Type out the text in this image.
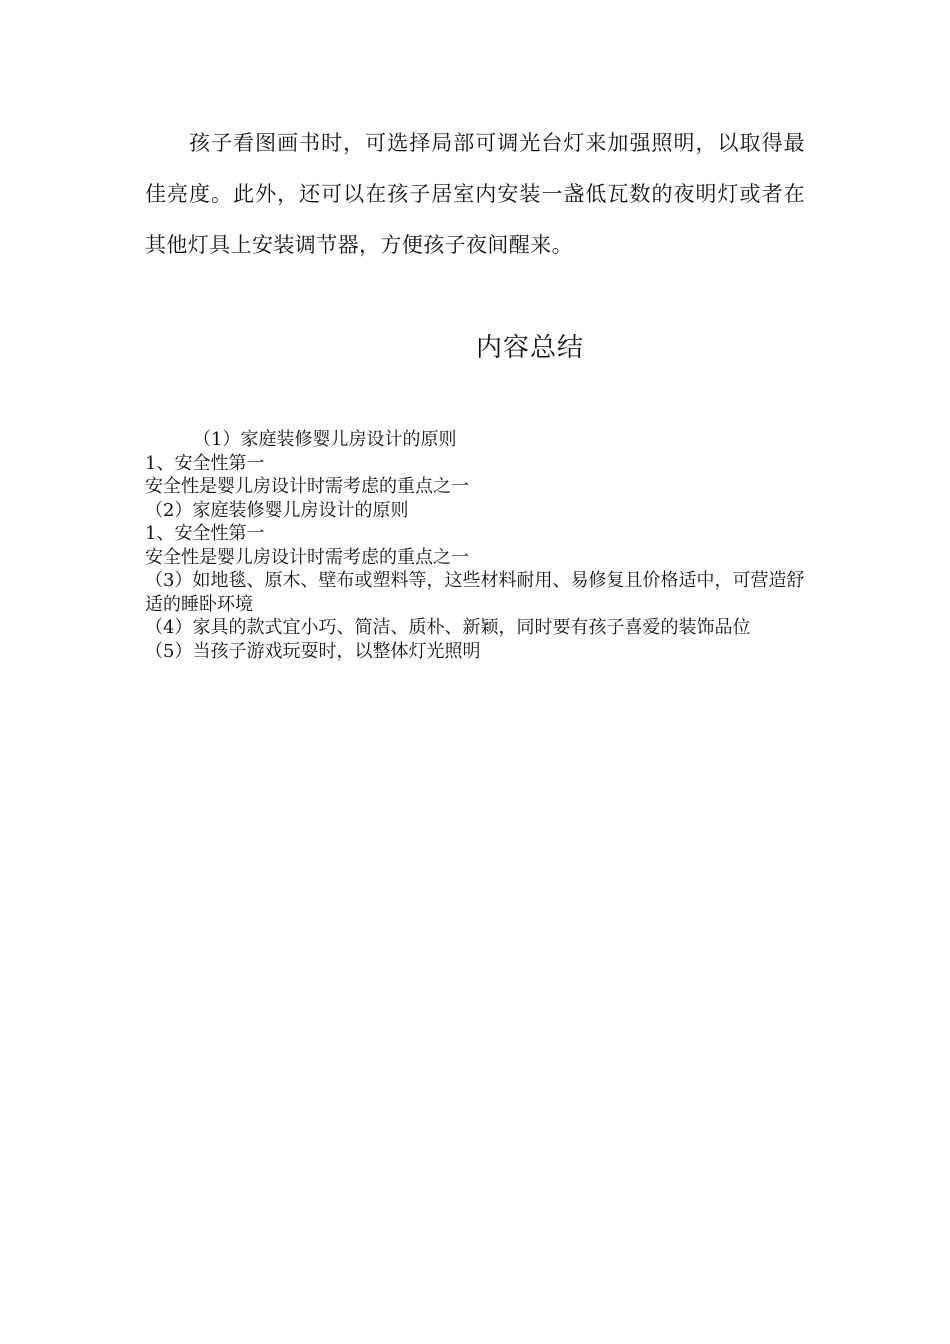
孩子看图画书时，可选择局部可调光台灯来加强照明，以取得最佳亮度。此外，还可以在孩子居室内安装一盏低瓦数的夜明灯或者在其他灯具上安装调节器，方便孩子夜间醒来。

内容总结
（1）家庭装修婴儿房设计的原则
1、安全性第一
安全性是婴儿房设计时需考虑的重点之一
（2）家庭装修婴儿房设计的原则
1、安全性第一
安全性是婴儿房设计时需考虑的重点之一
（3）如地毯、原木、壁布或塑料等，这些材料耐用、易修复且价格适中，可营造舒适的睡卧环境
（4）家具的款式宜小巧、简洁、质朴、新颖，同时要有孩子喜爱的装饰品位
（5）当孩子游戏玩耍时，以整体灯光照明
